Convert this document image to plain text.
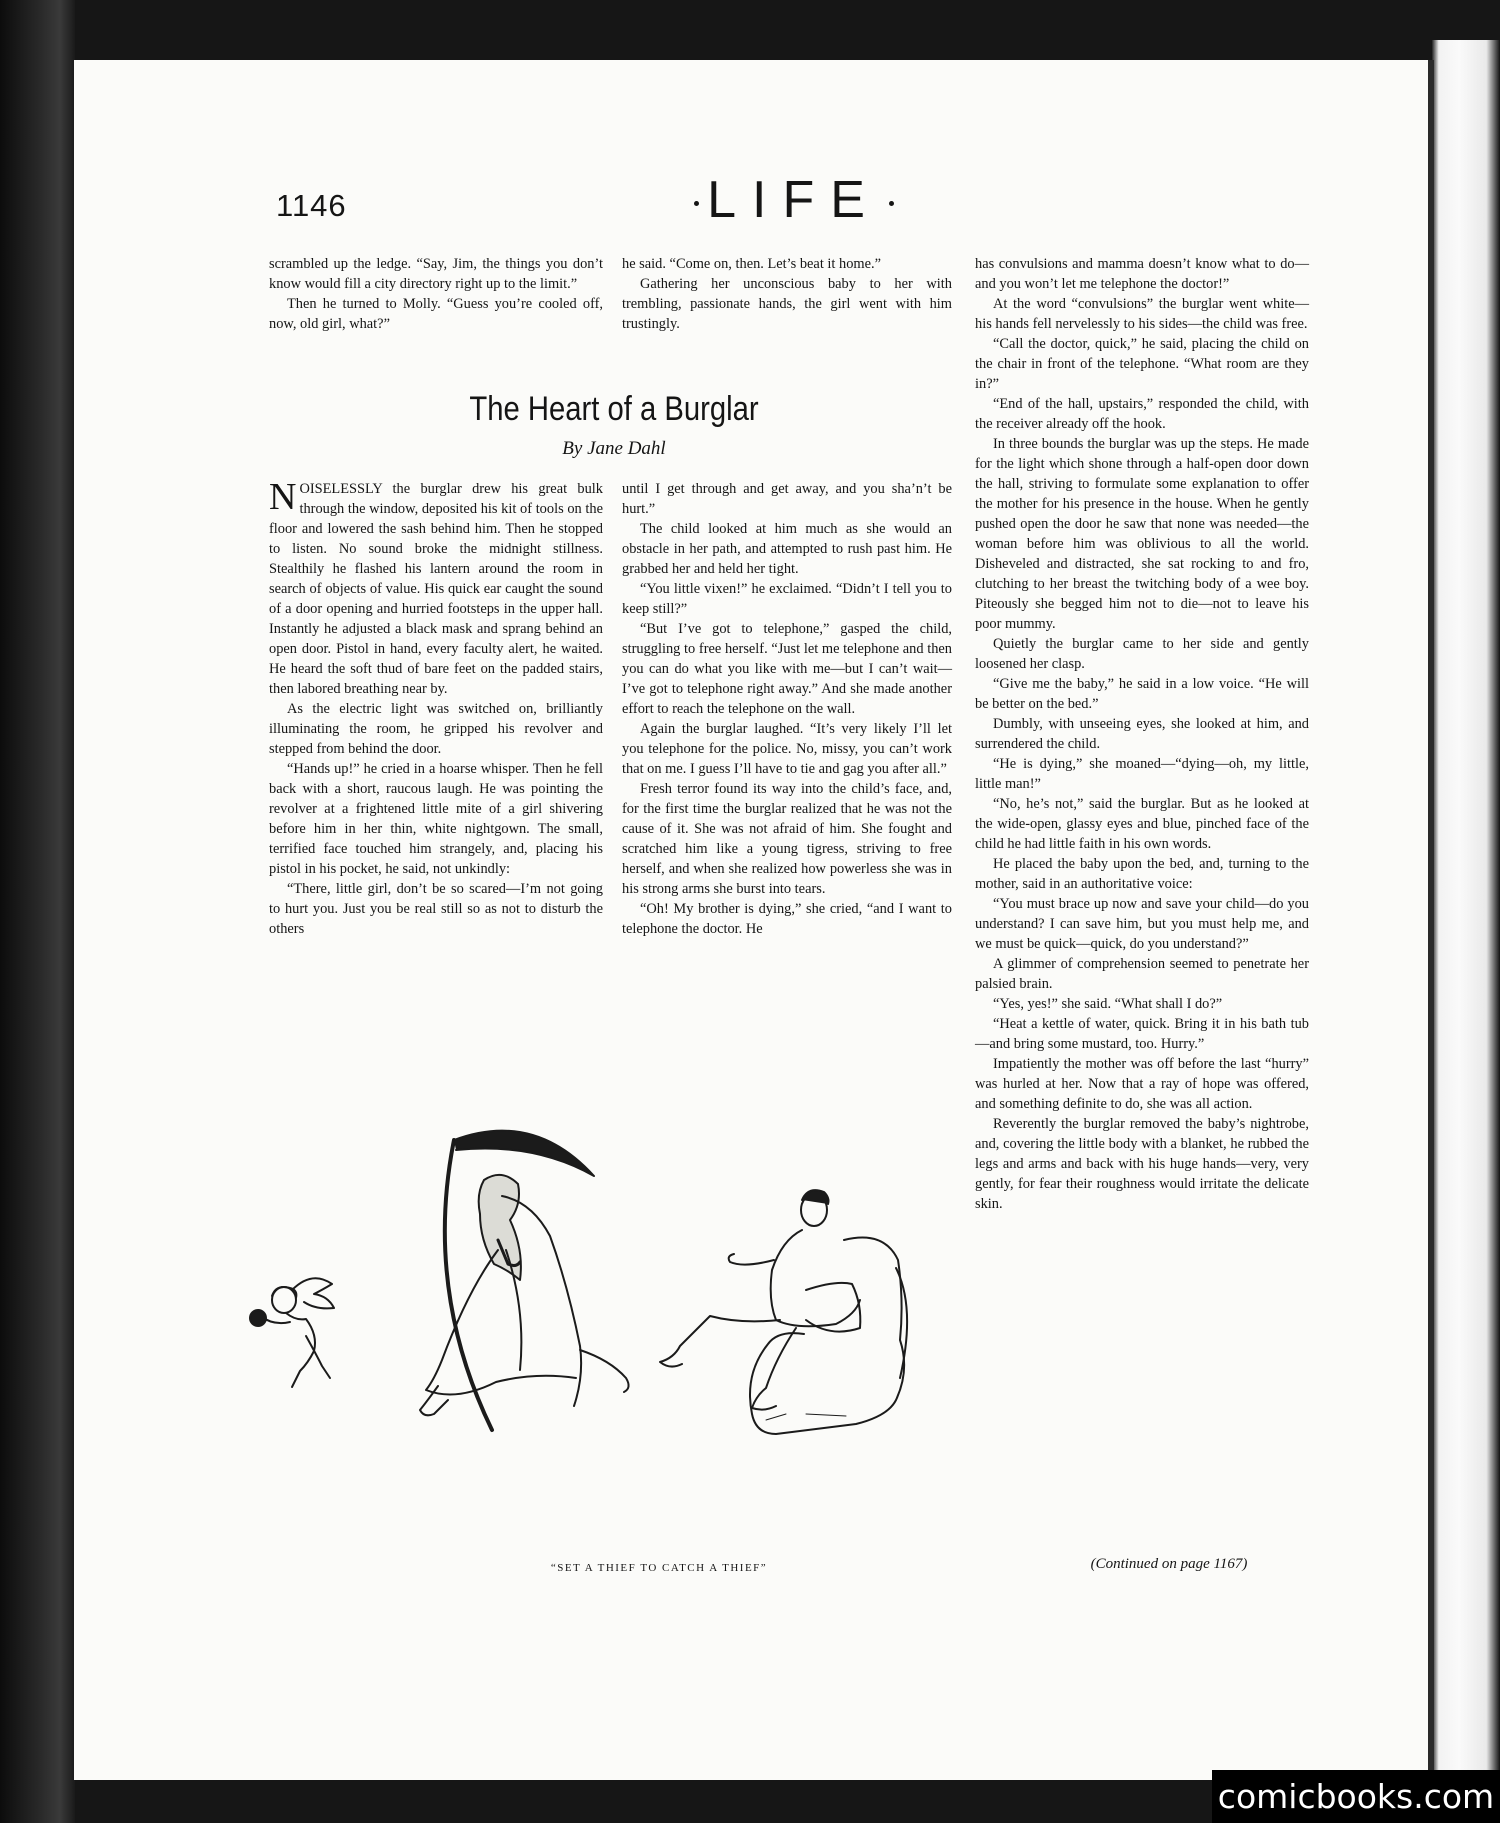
1146	LIFE

scrambled up the ledge. “Say, Jim, the things you don’t know would fill a city directory right up to the limit.”

Then he turned to Molly. “Guess you’re cooled off, now, old girl, what?”

he said. “Come on, then. Let’s beat it home.”

Gathering her unconscious baby to her with trembling, passionate hands, the girl went with him trustingly.

The Heart of a Burglar
By Jane Dahl

NOISELESSLY the burglar drew his great bulk through the window, deposited his kit of tools on the floor and lowered the sash behind him. Then he stopped to listen. No sound broke the midnight stillness. Stealthily he flashed his lantern around the room in search of objects of value. His quick ear caught the sound of a door opening and hurried footsteps in the upper hall. Instantly he adjusted a black mask and sprang behind an open door. Pistol in hand, every faculty alert, he waited. He heard the soft thud of bare feet on the padded stairs, then labored breathing near by.

As the electric light was switched on, brilliantly illuminating the room, he gripped his revolver and stepped from behind the door.

“Hands up!” he cried in a hoarse whisper. Then he fell back with a short, raucous laugh. He was pointing the revolver at a frightened little mite of a girl shivering before him in her thin, white nightgown. The small, terrified face touched him strangely, and, placing his pistol in his pocket, he said, not unkindly:

“There, little girl, don’t be so scared—I’m not going to hurt you. Just you be real still so as not to disturb the others

until I get through and get away, and you sha’n’t be hurt.”

The child looked at him much as she would an obstacle in her path, and attempted to rush past him. He grabbed her and held her tight.

“You little vixen!” he exclaimed. “Didn’t I tell you to keep still?”

“But I’ve got to telephone,” gasped the child, struggling to free herself. “Just let me telephone and then you can do what you like with me—but I can’t wait—I’ve got to telephone right away.” And she made another effort to reach the telephone on the wall.

Again the burglar laughed. “It’s very likely I’ll let you telephone for the police. No, missy, you can’t work that on me. I guess I’ll have to tie and gag you after all.”

Fresh terror found its way into the child’s face, and, for the first time the burglar realized that he was not the cause of it. She was not afraid of him. She fought and scratched him like a young tigress, striving to free herself, and when she realized how powerless she was in his strong arms she burst into tears.

“Oh! My brother is dying,” she cried, “and I want to telephone the doctor. He

has convulsions and mamma doesn’t know what to do—and you won’t let me telephone the doctor!”

At the word “convulsions” the burglar went white—his hands fell nervelessly to his sides—the child was free.

“Call the doctor, quick,” he said, placing the child on the chair in front of the telephone. “What room are they in?”

“End of the hall, upstairs,” responded the child, with the receiver already off the hook.

In three bounds the burglar was up the steps. He made for the light which shone through a half-open door down the hall, striving to formulate some explanation to offer the mother for his presence in the house. When he gently pushed open the door he saw that none was needed—the woman before him was oblivious to all the world. Disheveled and distracted, she sat rocking to and fro, clutching to her breast the twitching body of a wee boy. Piteously she begged him not to die—not to leave his poor mummy.

Quietly the burglar came to her side and gently loosened her clasp.

“Give me the baby,” he said in a low voice. “He will be better on the bed.”

Dumbly, with unseeing eyes, she looked at him, and surrendered the child.

“He is dying,” she moaned—“dying—oh, my little, little man!”

“No, he’s not,” said the burglar. But as he looked at the wide-open, glassy eyes and blue, pinched face of the child he had little faith in his own words.

He placed the baby upon the bed, and, turning to the mother, said in an authoritative voice:

“You must brace up now and save your child—do you understand? I can save him, but you must help me, and we must be quick—quick, do you understand?”

A glimmer of comprehension seemed to penetrate her palsied brain.

“Yes, yes!” she said. “What shall I do?”

“Heat a kettle of water, quick. Bring it in his bath tub—and bring some mustard, too. Hurry.”

Impatiently the mother was off before the last “hurry” was hurled at her. Now that a ray of hope was offered, and something definite to do, she was all action.

Reverently the burglar removed the baby’s nightrobe, and, covering the little body with a blanket, he rubbed the legs and arms and back with his huge hands—very, very gently, for fear their roughness would irritate the delicate skin.

“SET A THIEF TO CATCH A THIEF”	(Continued on page 1167)
comicbooks.com
